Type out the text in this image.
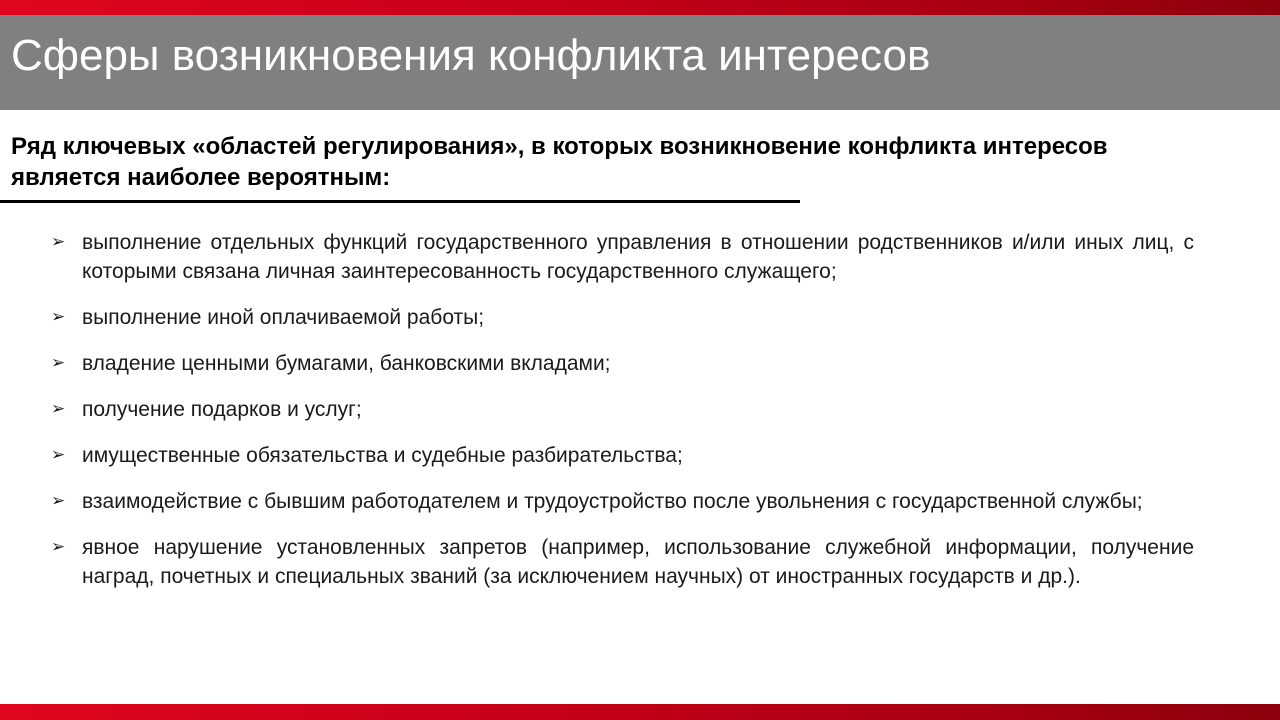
Сферы возникновения конфликта интересов

Ряд ключевых «областей регулирования», в которых возникновение конфликта интересов является наиболее вероятным:

➢ выполнение отдельных функций государственного управления в отношении родственников и/или иных лиц, с которыми связана личная заинтересованность государственного служащего;
➢ выполнение иной оплачиваемой работы;
➢ владение ценными бумагами, банковскими вкладами;
➢ получение подарков и услуг;
➢ имущественные обязательства и судебные разбирательства;
➢ взаимодействие с бывшим работодателем и трудоустройство после увольнения с государственной службы;
➢ явное нарушение установленных запретов (например, использование служебной информации, получение наград, почетных и специальных званий (за исключением научных) от иностранных государств и др.).
